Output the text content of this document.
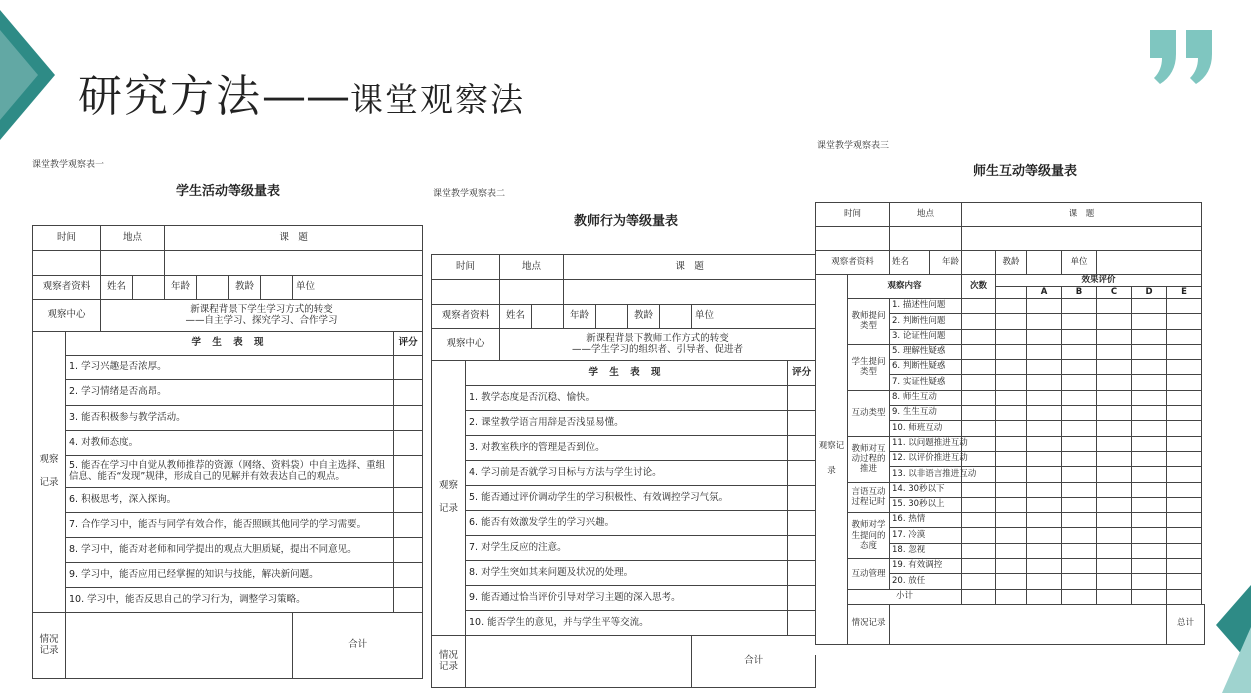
研究方法——课堂观察法
课堂教学观察表一
学生活动等级量表
时间		地点		课　题					

观察者资料		姓名		年龄		教龄		单位	
观察中心		新课程背景下学生学习方式的转变
——自主学习、探究学习、合作学习							

观察记录	学 生 表 现								评分
	1. 学习兴趣是否浓厚。								
	2. 学习情绪是否高昂。								
	3. 能否积极参与教学活动。								
	4. 对教师态度。								
	5. 能否在学习中自觉从教师推荐的资源（网络、资料袋）中自主选择、重组信息、能否“发现”规律，形成自己的见解并有效表达自己的观点。								
	6. 积极思考，深入探询。								
	7. 合作学习中，能否与同学有效合作，能否照顾其他同学的学习需要。								
	8. 学习中，能否对老师和同学提出的观点大胆质疑，提出不同意见。								
	9. 学习中，能否应用已经掌握的知识与技能，解决新问题。								
	10. 学习中，能否反思自己的学习行为，调整学习策略。								
情况记录								合计	
课堂教学观察表二
教师行为等级量表
时间		地点		课　题					

观察者资料		姓名		年龄		教龄		单位	
观察中心		新课程背景下教师工作方式的转变
——学生学习的组织者、引导者、促进者							

观察记录	学 生 表 现								评分
	1. 教学态度是否沉稳、愉快。								
	2. 课堂教学语言用辞是否浅显易懂。								
	3. 对教室秩序的管理是否到位。								
	4. 学习前是否就学习目标与方法与学生讨论。								
	5. 能否通过评价调动学生的学习积极性、有效调控学习气氛。								
	6. 能否有效激发学生的学习兴趣。								
	7. 对学生反应的注意。								
	8. 对学生突如其来问题及状况的处理。								
	9. 能否通过恰当评价引导对学习主题的深入思考。								
	10. 能否学生的意见，并与学生平等交流。								
情况记录								合计	
课堂教学观察表三
师生互动等级量表
时间		地点		课　题						

观察者资料		姓名	年龄		教龄		单位			
观察记录	观察内容			次数	效果评价					
						A	B	C	D	E
	教师提问类型	1. 描述性问题								
		2. 判断性问题								
		3. 论证性问题								
	学生提问类型	5. 理解性疑惑								
		6. 判断性疑惑								
		7. 实证性疑惑								
	互动类型	8. 师生互动								
		9. 生生互动								
		10. 师班互动								
	教师对互动过程的推进	11. 以问题推进互动								
		12. 以评价推进互动								
		13. 以非语言推进互动								
	言语互动过程记时	14. 30秒以下								
		15. 30秒以上								
	教师对学生提问的态度	16. 热情								
		17. 冷漠								
		18. 忽视								
	互动管理	19. 有效调控								
		20. 放任								
	小计									
	情况记录									总计
